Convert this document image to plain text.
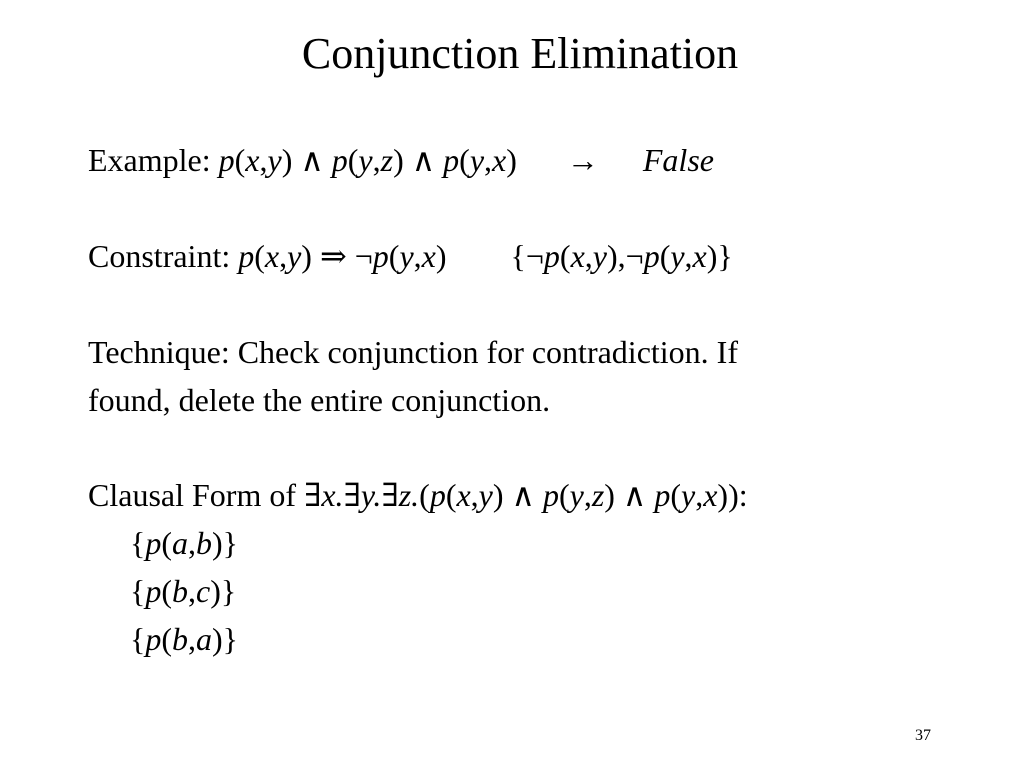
Conjunction Elimination
Example: p(x,y) ∧ p(y,z) ∧ p(y,x) → False
Constraint: p(x,y) ⇒ ¬p(y,x) {¬p(x,y),¬p(y,x)}
Technique: Check conjunction for contradiction. If
found, delete the entire conjunction.
Clausal Form of ∃x.∃y.∃z.(p(x,y) ∧ p(y,z) ∧ p(y,x)):
{p(a,b)}
{p(b,c)}
{p(b,a)}
37
